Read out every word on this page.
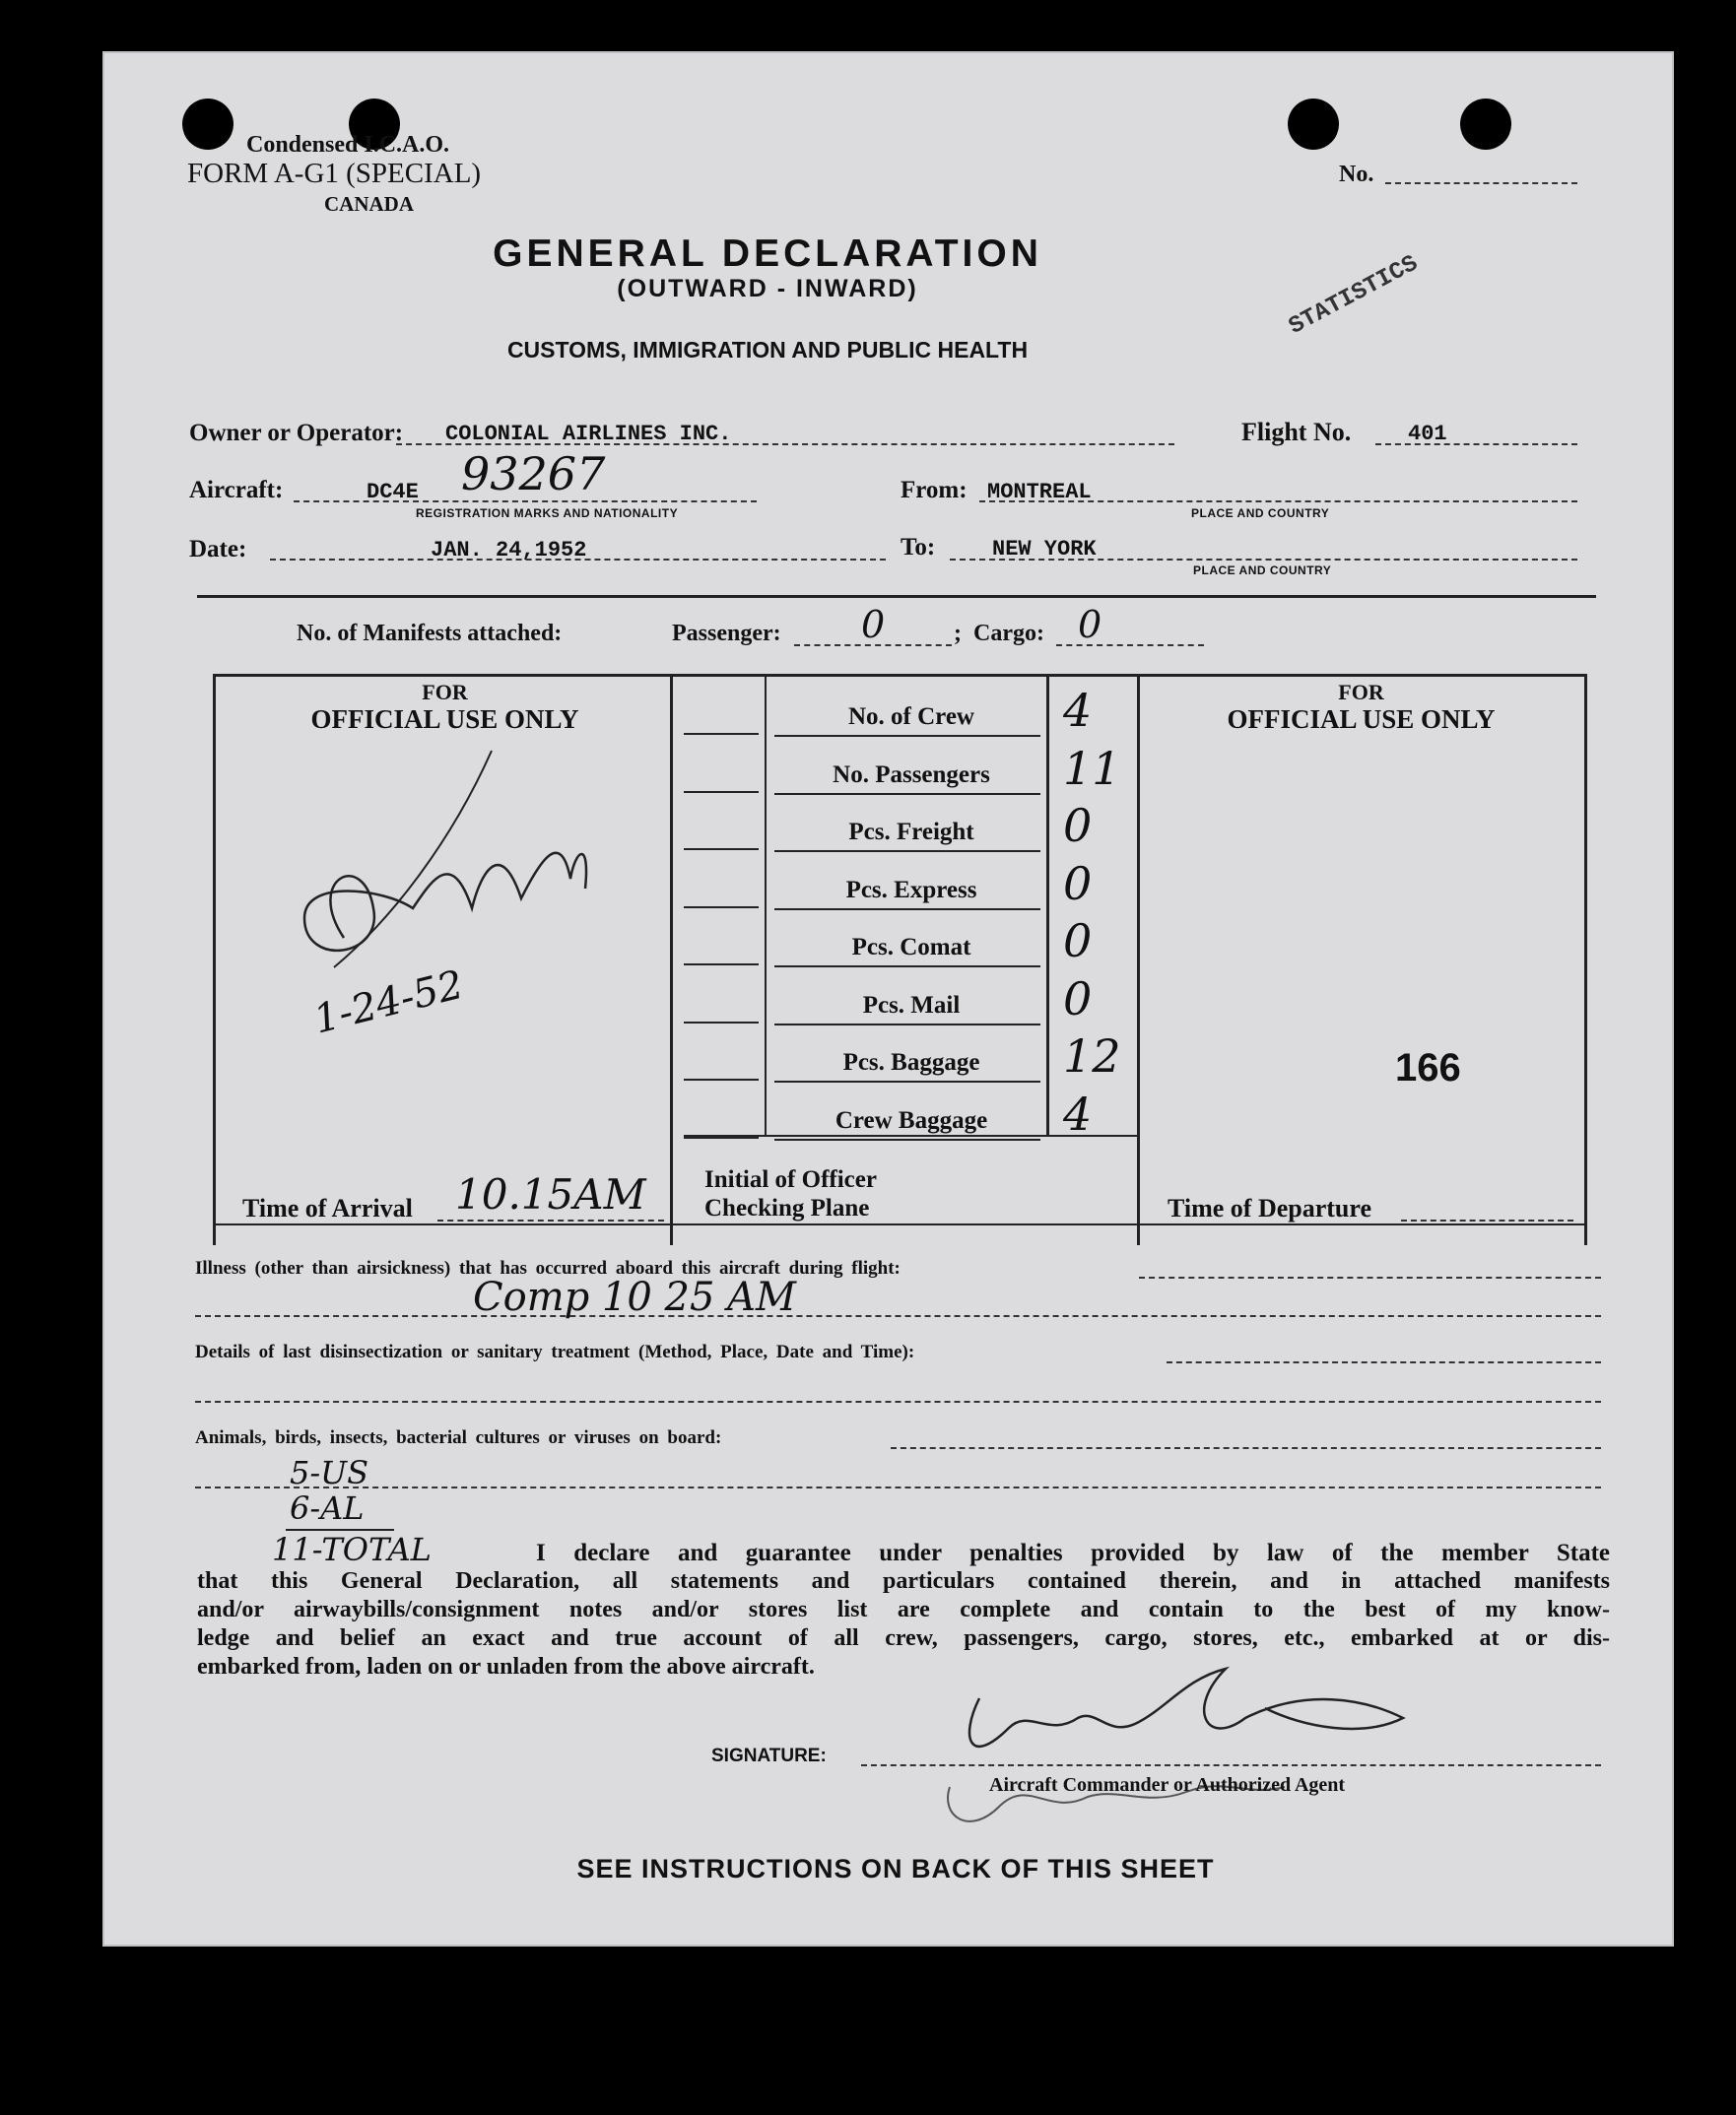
Condensed I.C.A.O.
FORM A-G1 (SPECIAL)
CANADA
No.
GENERAL DECLARATION
(OUTWARD - INWARD)
CUSTOMS, IMMIGRATION AND PUBLIC HEALTH
STATISTICS
Owner or Operator: COLONIAL AIRLINES INC.	Flight No.	401
Aircraft:	DC4E 93267
REGISTRATION MARKS AND NATIONALITY
From: MONTREAL
PLACE AND COUNTRY
Date:	JAN. 24,1952	To:	NEW YORK
PLACE AND COUNTRY
No. of Manifests attached:	Passenger: 0	; Cargo: 0
FOR
OFFICIAL USE ONLY
1-24-52
Time of Arrival 10.15AM
No. of Crew	4
No. Passengers	11
Pcs. Freight	0
Pcs. Express	0
Pcs. Comat	0
Pcs. Mail	0
Pcs. Baggage	12
Crew Baggage	4
Initial of Officer
Checking Plane
FOR
OFFICIAL USE ONLY
166
Time of Departure
Illness (other than airsickness) that has occurred aboard this aircraft during flight:
Comp 10 25 AM
Details of last disinsectization or sanitary treatment (Method, Place, Date and Time):
Animals, birds, insects, bacterial cultures or viruses on board:
5-US
6-AL
11-TOTAL	I declare and guarantee under penalties provided by law of the member State
that this General Declaration, all statements and particulars contained therein, and in attached manifests
and/or airwaybills/consignment notes and/or stores list are complete and contain to the best of my know-
ledge and belief an exact and true account of all crew, passengers, cargo, stores, etc., embarked at or dis-
embarked from, laden on or unladen from the above aircraft.
SIGNATURE:
Aircraft Commander or Authorized Agent
SEE INSTRUCTIONS ON BACK OF THIS SHEET
